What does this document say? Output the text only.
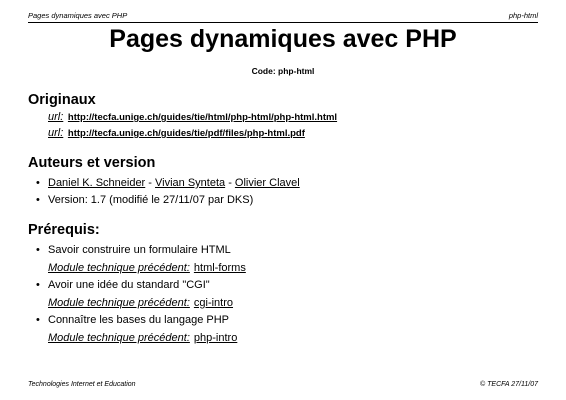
Pages dynamiques avec PHP	php-html
Pages dynamiques avec PHP
Code: php-html
Originaux
url: http://tecfa.unige.ch/guides/tie/html/php-html/php-html.html
url: http://tecfa.unige.ch/guides/tie/pdf/files/php-html.pdf
Auteurs et version
• Daniel K. Schneider - Vivian Synteta - Olivier Clavel
• Version: 1.7 (modifié le 27/11/07 par DKS)
Prérequis:
• Savoir construire un formulaire HTML
Module technique précédent: html-forms
• Avoir une idée du standard "CGI"
Module technique précédent: cgi-intro
• Connaître les bases du langage PHP
Module technique précédent: php-intro
Technologies Internet et Education	© TECFA 27/11/07
